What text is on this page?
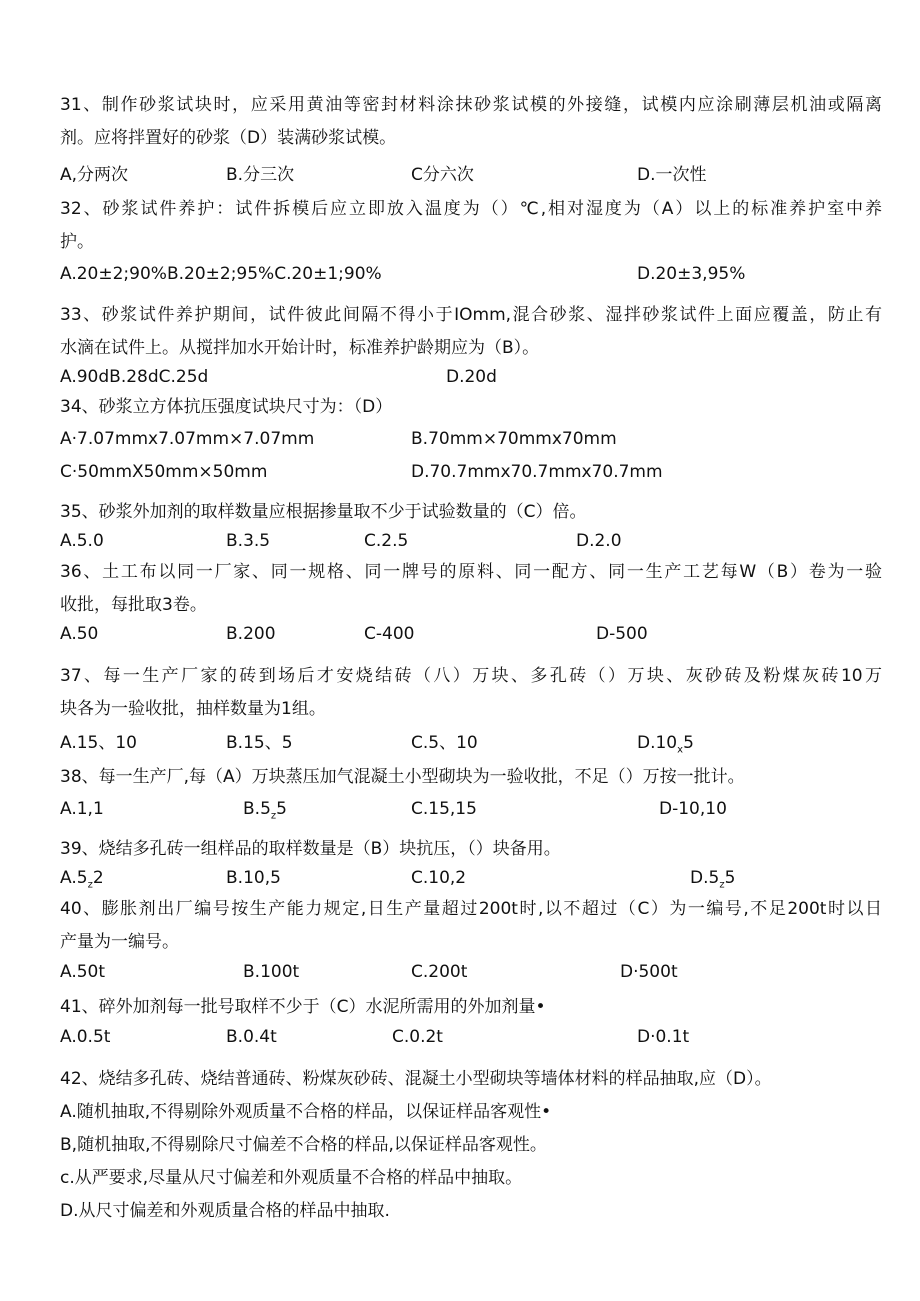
31、制作砂浆试块时，应采用黄油等密封材料涂抹砂浆试模的外接缝，试模内应涂刷薄层机油或隔离
剂。应将拌置好的砂浆（D）装满砂浆试模。
A,分两次	B.分三次	C分六次	D.一次性
32、砂浆试件养护：试件拆模后应立即放入温度为（）℃,相对湿度为（A）以上的标准养护室中养
护。
A.20±2;90%B.20±2;95%C.20±1;90%	D.20±3,95%
33、砂浆试件养护期间，试件彼此间隔不得小于IOmm,混合砂浆、湿拌砂浆试件上面应覆盖，防止有
水滴在试件上。从搅拌加水开始计时，标准养护龄期应为（B）。
A.90dB.28dC.25d	D.20d
34、砂浆立方体抗压强度试块尺寸为：（D）
A·7.07mmx7.07mm×7.07mm	B.70mm×70mmx70mm
C·50mmX50mm×50mm	D.70.7mmx70.7mmx70.7mm
35、砂浆外加剂的取样数量应根据掺量取不少于试验数量的（C）倍。
A.5.0	B.3.5	C.2.5	D.2.0
36、土工布以同一厂家、同一规格、同一牌号的原料、同一配方、同一生产工艺每W（B）卷为一验
收批，每批取3卷。
A.50	B.200	C-400	D-500
37、每一生产厂家的砖到场后才安烧结砖（八）万块、多孔砖（）万块、灰砂砖及粉煤灰砖10万
块各为一验收批，抽样数量为1组。
A.15、10	B.15、5	C.5、10	$D.10_x5$
38、每一生产厂,每（A）万块蒸压加气混凝土小型砌块为一验收批，不足（）万按一批计。
A.1,1	$B.5_z5$	C.15,15	D-10,10
39、烧结多孔砖一组样品的取样数量是（B）块抗压，（）块备用。
$A.5_z2$	B.10,5	C.10,2	$D.5_z5$
40、膨胀剂出厂编号按生产能力规定,日生产量超过200t时,以不超过（C）为一编号,不足200t时以日
产量为一编号。
A.50t	B.100t	C.200t	D·500t
41、碎外加剂每一批号取样不少于（C）水泥所需用的外加剂量•
A.0.5t	B.0.4t	C.0.2t	D·0.1t
42、烧结多孔砖、烧结普通砖、粉煤灰砂砖、混凝土小型砌块等墙体材料的样品抽取,应（D）。
A.随机抽取,不得剔除外观质量不合格的样品，以保证样品客观性•
B,随机抽取,不得剔除尺寸偏差不合格的样品,以保证样品客观性。
c.从严要求,尽量从尺寸偏差和外观质量不合格的样品中抽取。
D.从尺寸偏差和外观质量合格的样品中抽取.
